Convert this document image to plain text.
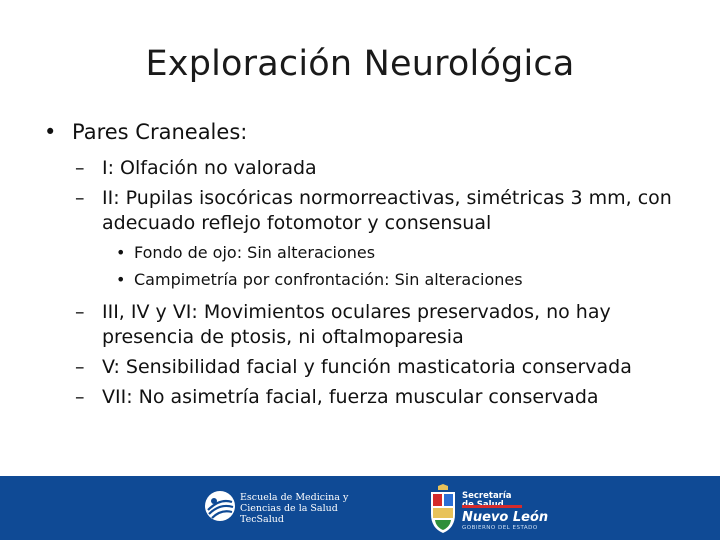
Exploración Neurológica
• Pares Craneales:
– I: Olfación no valorada
– II: Pupilas isocóricas normorreactivas, simétricas 3 mm, con adecuado reflejo fotomotor y consensual
• Fondo de ojo: Sin alteraciones
• Campimetría por confrontación: Sin alteraciones
– III, IV y VI: Movimientos oculares preservados, no hay presencia de ptosis, ni oftalmoparesia
– V: Sensibilidad facial y función masticatoria conservada
– VII: No asimetría facial, fuerza muscular conservada
Escuela de Medicina y
Ciencias de la Salud
TecSalud
Secretaría

Nuevo León
GOBIERNO DEL ESTADO
